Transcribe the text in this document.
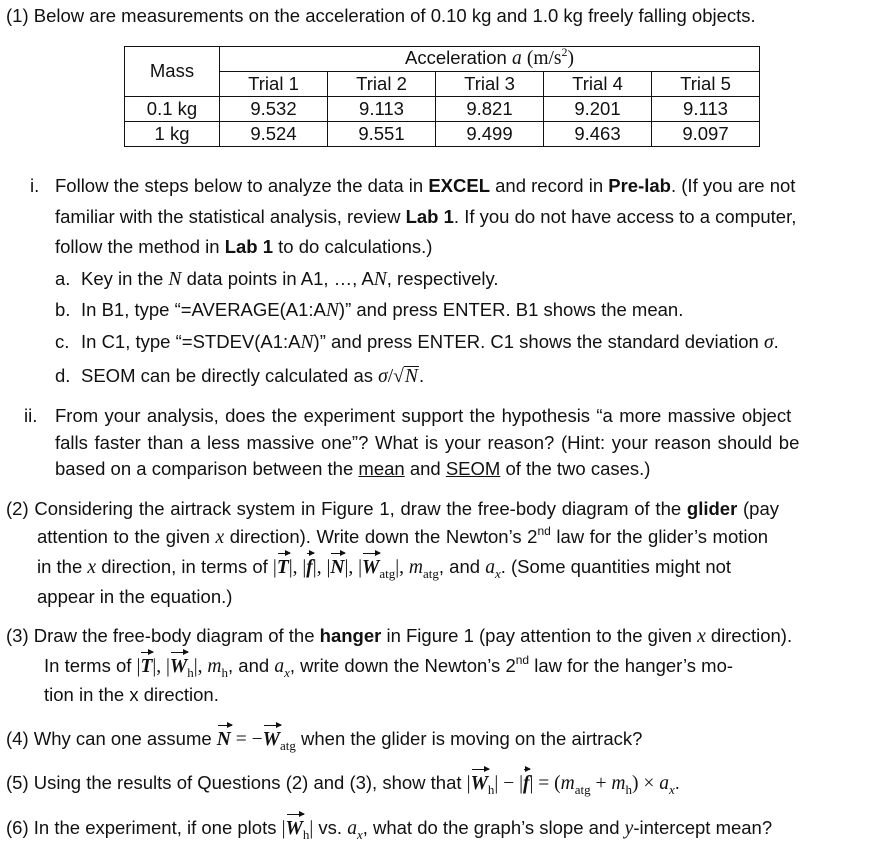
(1) Below are measurements on the acceleration of 0.10 kg and 1.0 kg freely falling objects.
Mass	Acceleration a $(m/s^2)$				
	Trial 1	Trial 2	Trial 3	Trial 4	Trial 5
0.1 kg	9.532	9.113	9.821	9.201	9.113
1 kg	9.524	9.551	9.499	9.463	9.097
i. Follow the steps below to analyze the data in EXCEL and record in Pre-lab. (If you are not
familiar with the statistical analysis, review Lab 1. If you do not have access to a computer,
follow the method in Lab 1 to do calculations.)
a. Key in the N data points in A1, …, AN, respectively.
b. In B1, type “=AVERAGE(A1:AN)” and press ENTER. B1 shows the mean.
c. In C1, type “=STDEV(A1:AN)” and press ENTER. C1 shows the standard deviation σ.
d. SEOM can be directly calculated as σ/√N.
ii. From your analysis, does the experiment support the hypothesis “a more massive object
falls faster than a less massive one”? What is your reason? (Hint: your reason should be
based on a comparison between the mean and SEOM of the two cases.)
(2) Considering the airtrack system in Figure 1, draw the free-body diagram of the glider (pay
attention to the given x direction). Write down the Newton’s 2nd law for the glider’s motion
in the x direction, in terms of |T|, |f|, |N|, $|W_{atg}|$, $m_{atg}$, and $a_x$. (Some quantities might not
appear in the equation.)
(3) Draw the free-body diagram of the hanger in Figure 1 (pay attention to the given x direction).
In terms of |T|, $|W_h|$, $m_h$, and $a_x$, write down the Newton’s 2nd law for the hanger’s mo-
tion in the x direction.
(4) Why can one assume $N = -W_{atg}$ when the glider is moving on the airtrack?
(5) Using the results of Questions (2) and (3), show that $|W_h| - |f| = (m_{atg} + m_h) \times a_x$.
(6) In the experiment, if one plots $|W_h|$ vs. $a_x$, what do the graph’s slope and y-intercept mean?
